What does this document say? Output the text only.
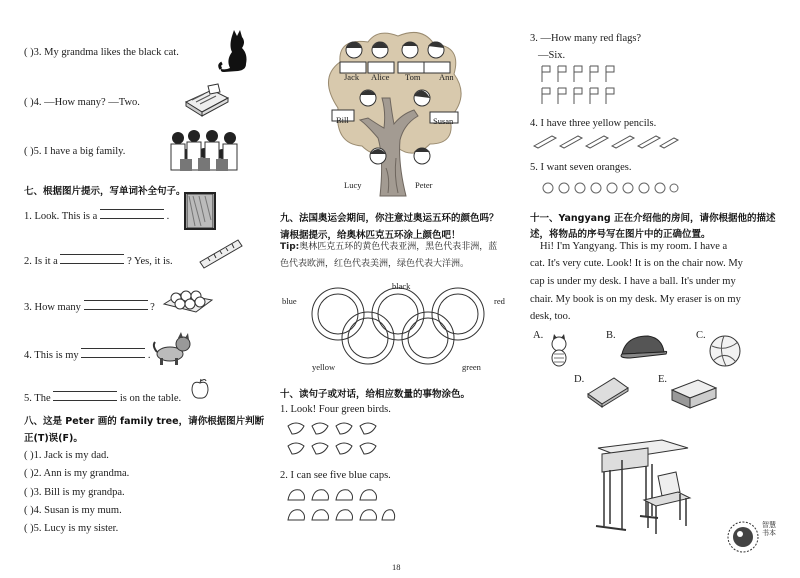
( )3. My grandma likes the black cat.
( )4. —How many? —Two.
( )5. I have a big family.
七、根据图片提示，写单词补全句子。
1. Look. This is a	.
2. Is it a	? Yes, it is.
3. How many	?
4. This is my	.
5. The	is on the table.
八、这是 Peter 画的 family tree，请你根据图片判断
正(T)误(F)。
( )1. Jack is my dad.
( )2. Ann is my grandma.
( )3. Bill is my grandpa.
( )4. Susan is my mum.
( )5. Lucy is my sister.
Jack Alice Tom Ann
Bill	Susan
Lucy	Peter
九、法国奥运会期间，你注意过奥运五环的颜色吗？
请根据提示，给奥林匹克五环涂上颜色吧！
Tip:奥林匹克五环的黄色代表亚洲，黑色代表非洲，蓝
色代表欧洲，红色代表美洲，绿色代表大洋洲。
blue
black
red
yellow	green
十、读句子或对话，给相应数量的事物涂色。
1. Look! Four green birds.
2. I can see five blue caps.
18
3. —How many red flags?
—Six.
4. I have three yellow pencils.
5. I want seven oranges.
十一、Yangyang 正在介绍他的房间，请你根据他的描述
述，将物品的序号写在图片中的正确位置。
Hi! I'm Yangyang. This is my room. I have a
cat. It's very cute. Look! It is on the chair now. My
cap is under my desk. I have a ball. It's under my
chair. My book is on my desk. My eraser is on my
desk, too.
A.	B.	C.
D.	E.
智慧书本
